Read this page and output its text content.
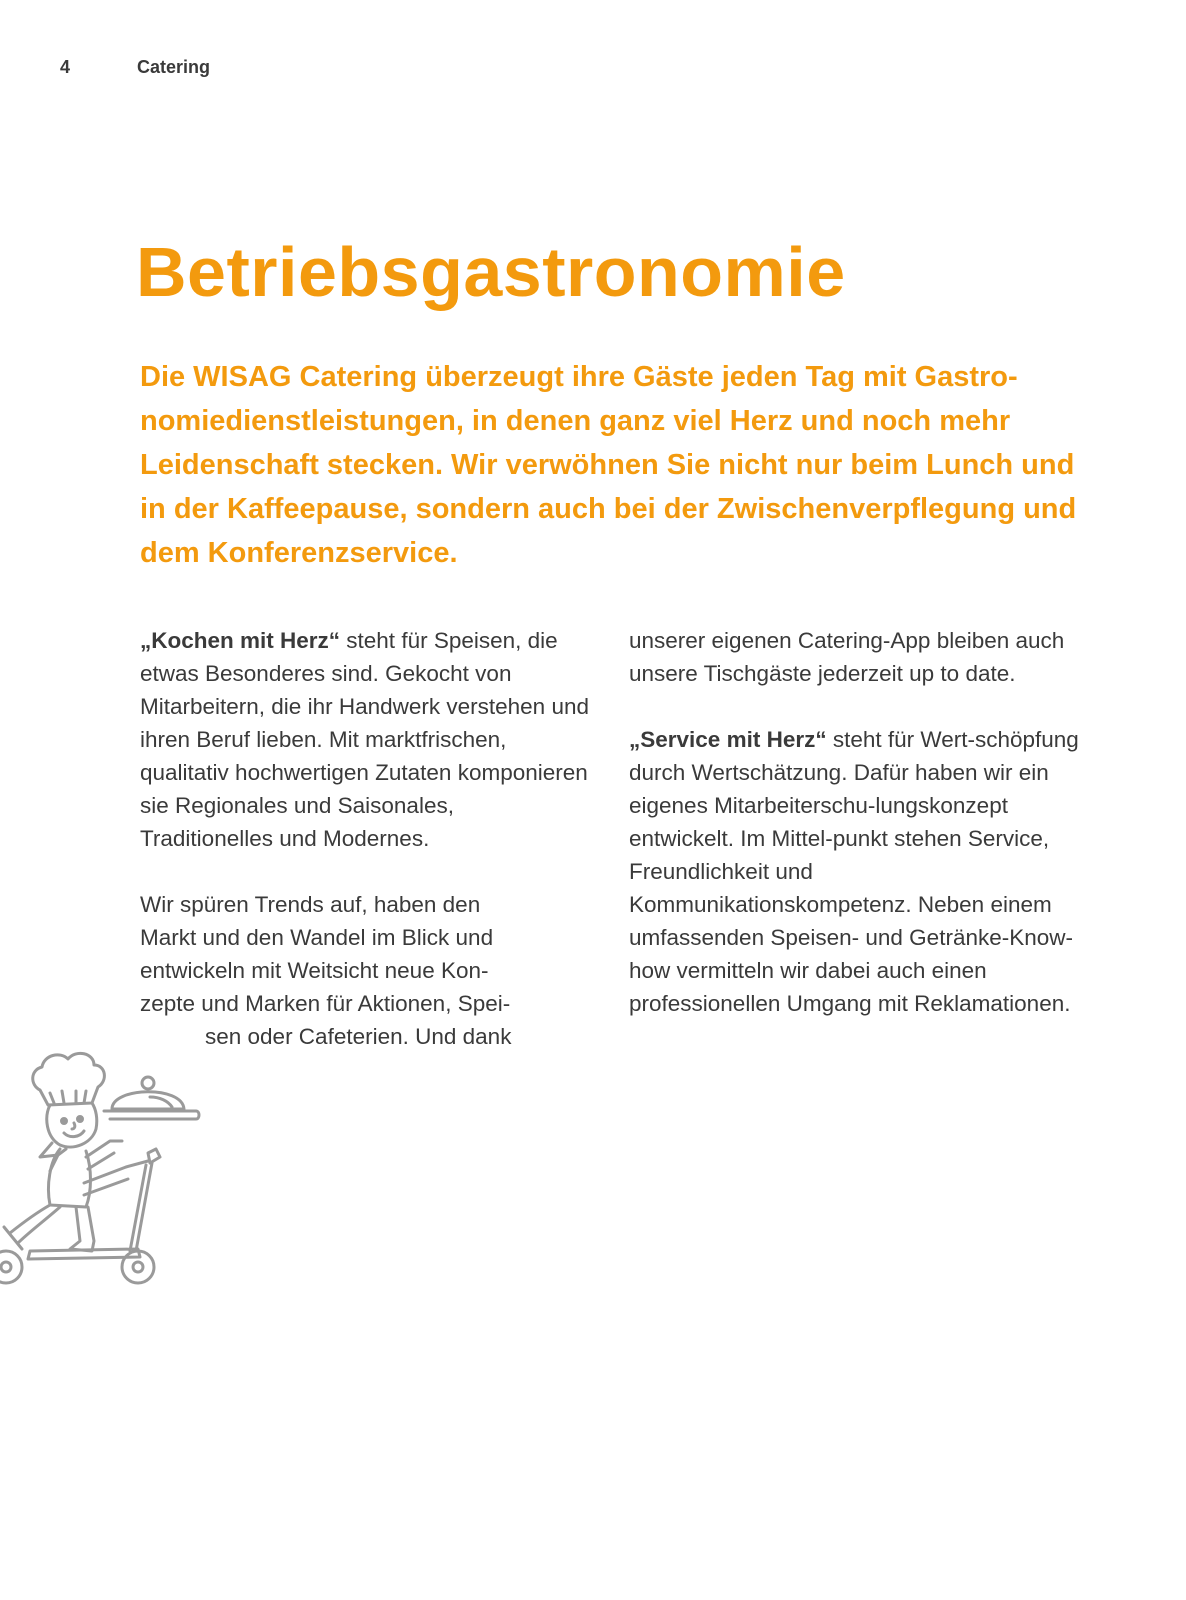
4	Catering
Betriebsgastronomie

Die WISAG Catering überzeugt ihre Gäste jeden Tag mit Gastro-nomiedienstleistungen, in denen ganz viel Herz und noch mehr Leidenschaft stecken. Wir verwöhnen Sie nicht nur beim Lunch und in der Kaffeepause, sondern auch bei der Zwischenverpflegung und dem Konferenzservice.

„Kochen mit Herz“ steht für Speisen, die etwas Besonderes sind. Gekocht von Mitarbeitern, die ihr Handwerk verstehen und ihren Beruf lieben. Mit marktfrischen, qualitativ hochwertigen Zutaten komponieren sie Regionales und Saisonales, Traditionelles und Modernes.

Wir spüren Trends auf, haben den
Markt und den Wandel im Blick und
entwickeln mit Weitsicht neue Kon-
zepte und Marken für Aktionen, Spei-
sen oder Cafeterien. Und dank

unserer eigenen Catering-App bleiben auch unsere Tischgäste jederzeit up to date.

„Service mit Herz“ steht für Wert-schöpfung durch Wertschätzung. Dafür haben wir ein eigenes Mitarbeiterschu-lungskonzept entwickelt. Im Mittel-punkt stehen Service, Freundlichkeit und Kommunikationskompetenz. Neben einem umfassenden Speisen- und Getränke-Know-how vermitteln wir dabei auch einen professionellen Umgang mit Reklamationen.
